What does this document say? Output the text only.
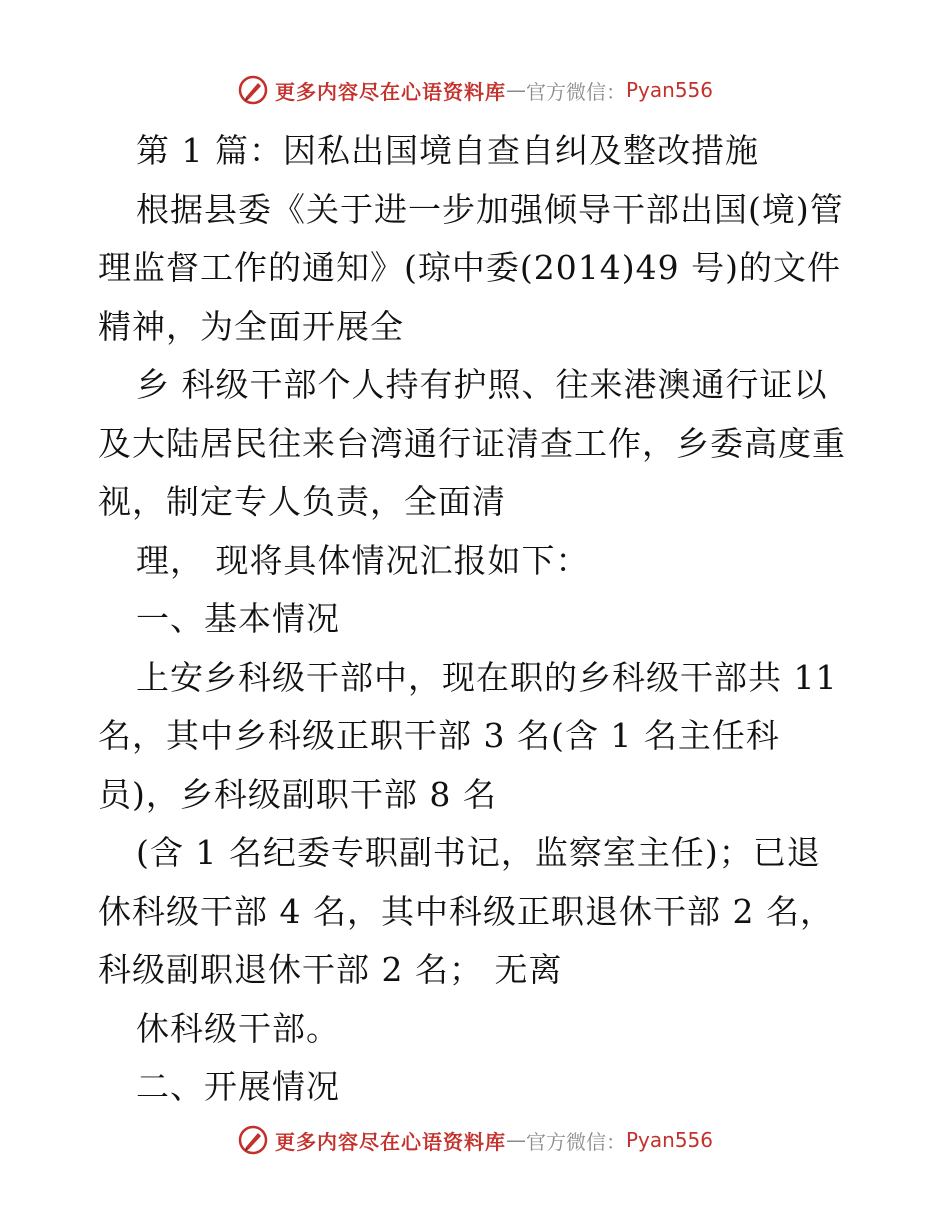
更多内容尽在心语资料库 — 官方微信： Pyan556
第 1 篇：因私出国境自查自纠及整改措施
根据县委《关于进一步加强倾导干部出国(境)管
理监督工作的通知》(琼中委(2014)49 号)的文件
精神，为全面开展全
乡 科级干部个人持有护照、往来港澳通行证以
及大陆居民往来台湾通行证清查工作，乡委高度重
视，制定专人负责，全面清
理， 现将具体情况汇报如下：
一、基本情况
上安乡科级干部中，现在职的乡科级干部共 11
名，其中乡科级正职干部 3 名(含 1 名主任科
员)，乡科级副职干部 8 名
(含 1 名纪委专职副书记，监察室主任)；已退
休科级干部 4 名，其中科级正职退休干部 2 名，
科级副职退休干部 2 名； 无离
休科级干部。
二、开展情况
更多内容尽在心语资料库 — 官方微信： Pyan556
